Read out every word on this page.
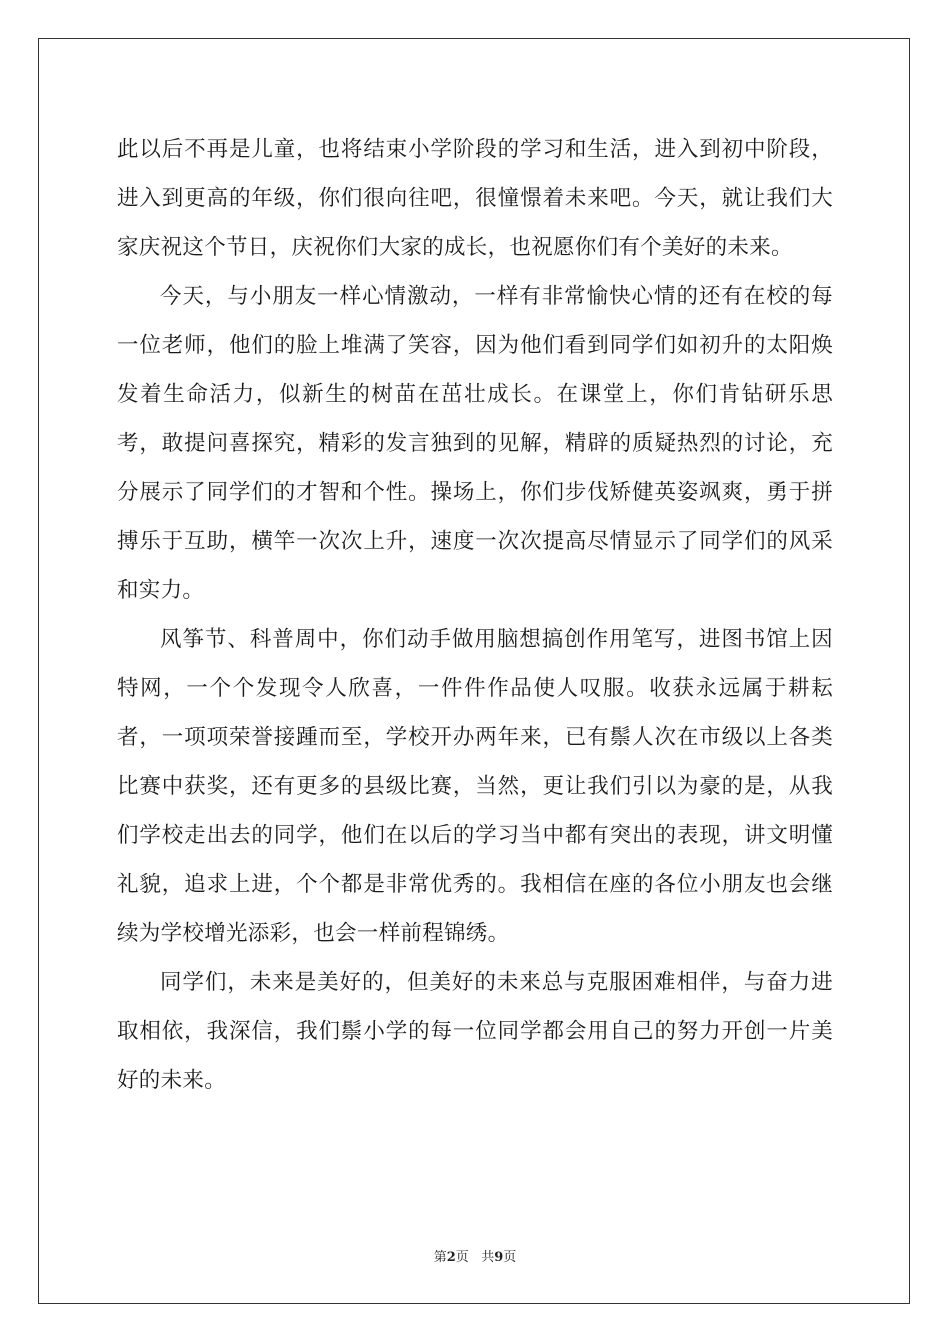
此以后不再是儿童，也将结束小学阶段的学习和生活，进入到初中阶段，进入到更高的年级，你们很向往吧，很憧憬着未来吧。今天，就让我们大家庆祝这个节日，庆祝你们大家的成长，也祝愿你们有个美好的未来。

今天，与小朋友一样心情激动，一样有非常愉快心情的还有在校的每一位老师，他们的脸上堆满了笑容，因为他们看到同学们如初升的太阳焕发着生命活力，似新生的树苗在茁壮成长。在课堂上，你们肯钻研乐思考，敢提问喜探究，精彩的发言独到的见解，精辟的质疑热烈的讨论，充分展示了同学们的才智和个性。操场上，你们步伐矫健英姿飒爽，勇于拼搏乐于互助，横竿一次次上升，速度一次次提高尽情显示了同学们的风采和实力。

风筝节、科普周中，你们动手做用脑想搞创作用笔写，进图书馆上因特网，一个个发现令人欣喜，一件件作品使人叹服。收获永远属于耕耘者，一项项荣誉接踵而至，学校开办两年来，已有鬃人次在市级以上各类比赛中获奖，还有更多的县级比赛，当然，更让我们引以为豪的是，从我们学校走出去的同学，他们在以后的学习当中都有突出的表现，讲文明懂礼貌，追求上进，个个都是非常优秀的。我相信在座的各位小朋友也会继续为学校增光添彩，也会一样前程锦绣。

同学们，未来是美好的，但美好的未来总与克服困难相伴，与奋力进取相依，我深信，我们鬃小学的每一位同学都会用自己的努力开创一片美好的未来。

第2页 共9页
